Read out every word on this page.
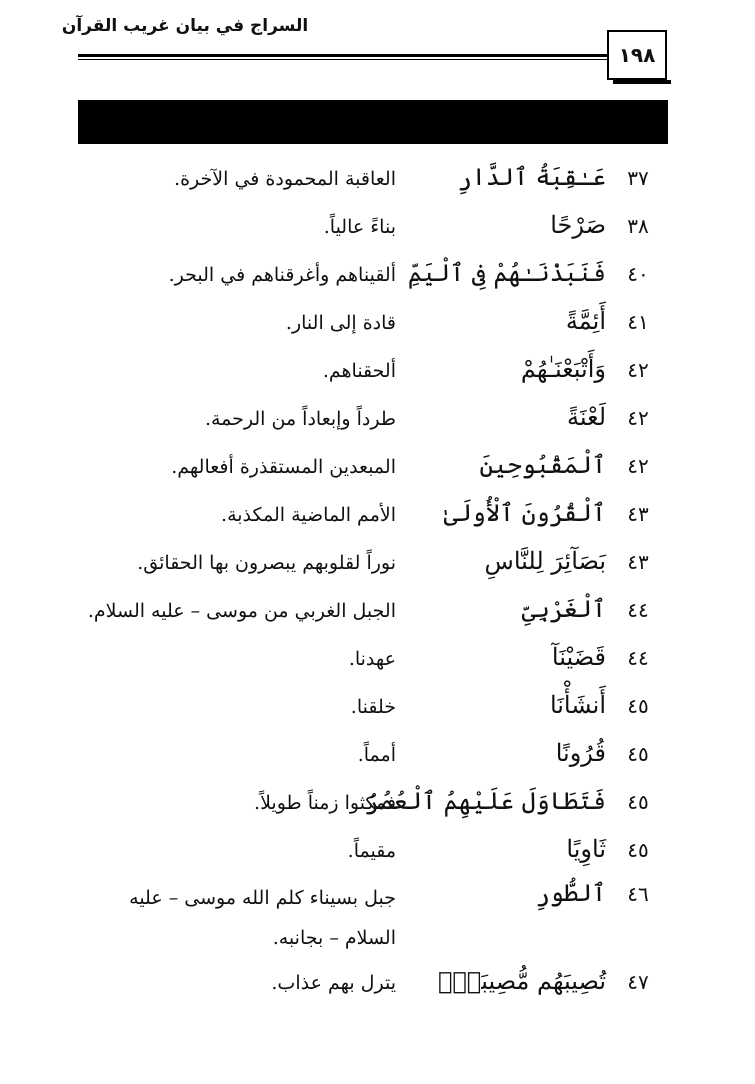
السراج في بيان غريب القرآن
١٩٨
٣٧
عَـٰقِبَةُ ٱلدَّارِ
العاقبة المحمودة في الآخرة.
٣٨
صَرْحًا
بناءً عالياً.
٤٠
فَنَبَذْنَـٰهُمْ فِى ٱلْيَمِّ
ألقيناهم وأغرقناهم في البحر.
٤١
أَئِمَّةً
قادة إلى النار.
٤٢
وَأَتْبَعْنَـٰهُمْ
ألحقناهم.
٤٢
لَعْنَةً
طرداً وإبعاداً من الرحمة.
٤٢
ٱلْمَقْبُوحِينَ
المبعدين المستقذرة أفعالهم.
٤٣
ٱلْقُرُونَ ٱلْأُولَىٰ
الأمم الماضية المكذبة.
٤٣
بَصَآئِرَ لِلنَّاسِ
نوراً لقلوبهم يبصرون بها الحقائق.
٤٤
ٱلْغَرْبِىِّ
الجبل الغربي من موسى – عليه السلام.
٤٤
قَضَيْنَآ
عهدنا.
٤٥
أَنشَأْنَا
خلقنا.
٤٥
قُرُونًا
أمماً.
٤٥
فَتَطَاوَلَ عَلَيْهِمُ ٱلْعُمُرُ
فمكثوا زمناً طويلاً.
٤٥
ثَاوِيًا
مقيماً.
٤٦
ٱلطُّورِ
جبل بسيناء كلم الله موسى – عليه السلام – بجانبه.
٤٧
تُصِيبَهُم مُّصِيبَةٌۢ
يترل بهم عذاب.
